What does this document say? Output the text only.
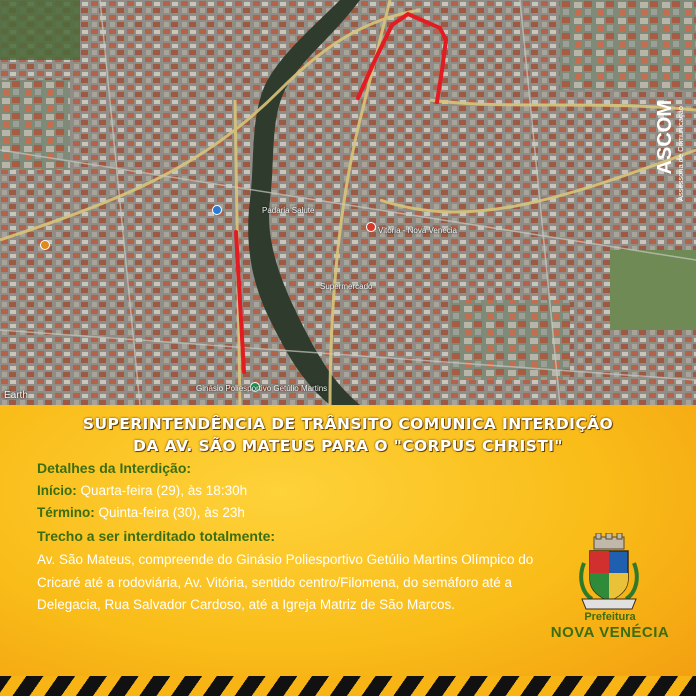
Earth
Padaria Salute
Vitória - Nova Venécia
Supermercado
Ginásio Poliesportivo Getúlio Martins
ASCOM Assessoria de Comunicação
SUPERINTENDÊNCIA DE TRÂNSITO COMUNICA INTERDIÇÃO
DA AV. SÃO MATEUS PARA O "CORPUS CHRISTI"
Detalhes da Interdição:
Início: Quarta-feira (29), às 18:30h
Término: Quinta-feira (30), às 23h
Trecho a ser interditado totalmente:
Av. São Mateus, compreende do Ginásio Poliesportivo Getúlio Martins Olímpico do Cricaré até a rodoviária, Av. Vitória, sentido centro/Filomena, do semáforo até a Delegacia, Rua Salvador Cardoso, até a Igreja Matriz de São Marcos.
Prefeitura
NOVA VENÉCIA
